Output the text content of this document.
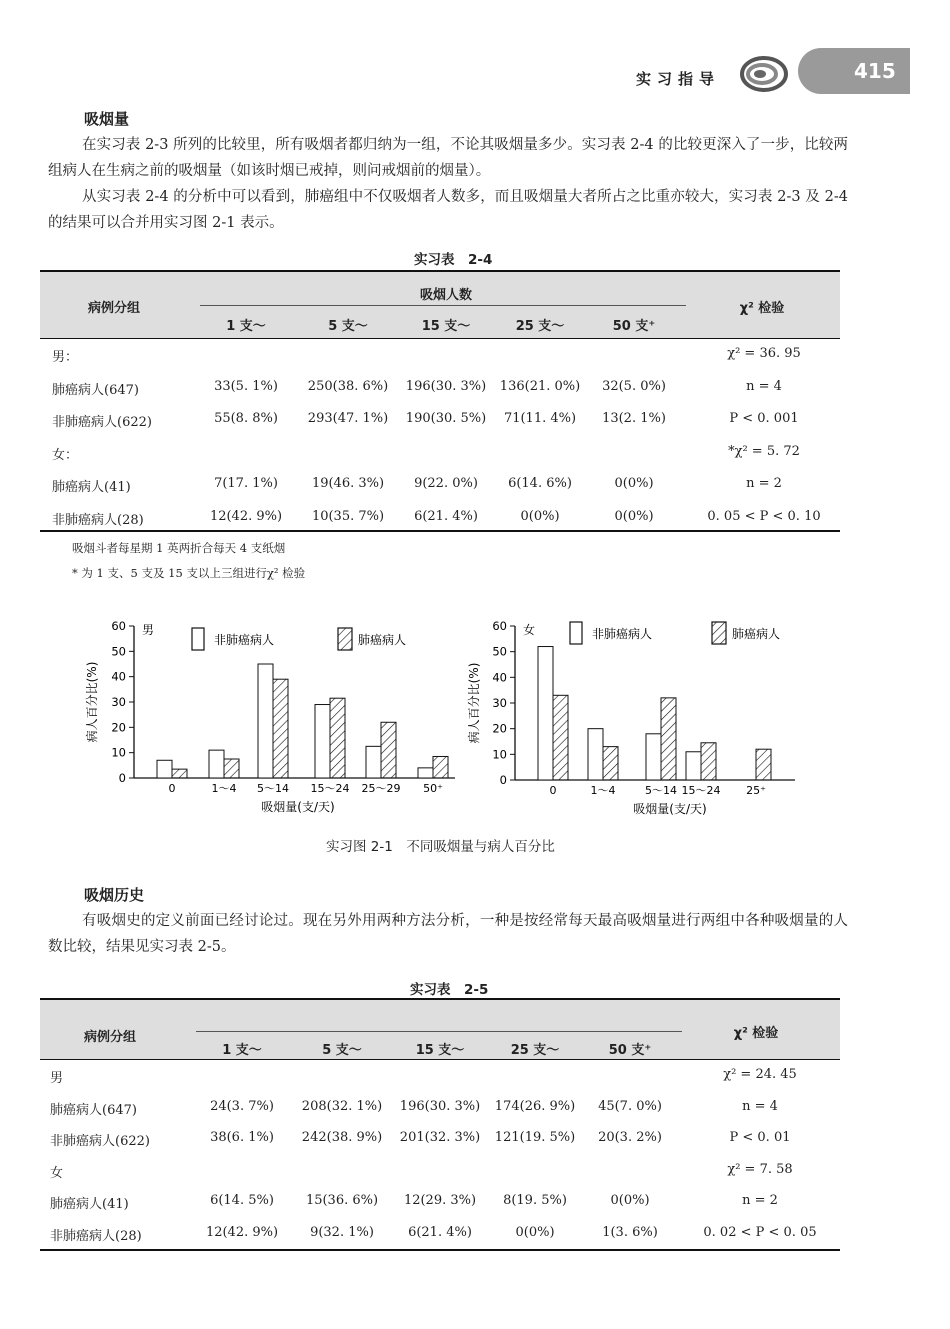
实习指导	415
吸烟量
在实习表 2-3 所列的比较里，所有吸烟者都归纳为一组，不论其吸烟量多少。实习表 2-4 的比较更深入了一步，比较两组病人在生病之前的吸烟量（如该时烟已戒掉，则问戒烟前的烟量）。
从实习表 2-4 的分析中可以看到，肺癌组中不仅吸烟者人数多，而且吸烟量大者所占之比重亦较大，实习表 2-3 及 2-4 的结果可以合并用实习图 2-1 表示。
实习表　2-4
病例分组
吸烟人数
χ² 检验
1 支～	5 支～	15 支～	25 支～	50 支⁺
男：	χ² = 36. 95
肺癌病人(647)	33(5. 1%) 250(38. 6%) 196(30. 3%) 136(21. 0%) 32(5. 0%)	n = 4
非肺癌病人(622)	55(8. 8%) 293(47. 1%) 190(30. 5%) 71(11. 4%) 13(2. 1%)	P < 0. 001
女：	*χ² = 5. 72
肺癌病人(41)	7(17. 1%)	19(46. 3%) 9(22. 0%) 6(14. 6%)	0(0%)	n = 2
非肺癌病人(28)	12(42. 9%) 10(35. 7%) 6(21. 4%)	0(0%)	0(0%)	0. 05 < P < 0. 10
吸烟斗者每星期 1 英两折合每天 4 支纸烟
* 为 1 支、5 支及 15 支以上三组进行χ² 检验
0
10
20
30
40
50
60 男
病人百分比(%)
吸烟量(支/天)
0	1～4 5～14 15～24 25～29 50⁺
非肺癌病人	肺癌病人
0
10
20
30
40
50
60 女
病人百分比(%)
吸烟量(支/天)
0	1～4	5～14 15～24 25⁺
非肺癌病人	肺癌病人
实习图 2-1　不同吸烟量与病人百分比
吸烟历史
有吸烟史的定义前面已经讨论过。现在另外用两种方法分析，一种是按经常每天最高吸烟量进行两组中各种吸烟量的人数比较，结果见实习表 2-5。
实习表　2-5
病例分组	χ² 检验
1 支～	5 支～	15 支～	25 支～	50 支⁺
男	χ² = 24. 45
肺癌病人(647)	24(3. 7%) 208(32. 1%) 196(30. 3%) 174(26. 9%) 45(7. 0%)	n = 4
非肺癌病人(622)	38(6. 1%) 242(38. 9%) 201(32. 3%) 121(19. 5%) 20(3. 2%)	P < 0. 01
女	χ² = 7. 58
肺癌病人(41)	6(14. 5%) 15(36. 6%) 12(29. 3%) 8(19. 5%)	0(0%)	n = 2
非肺癌病人(28)	12(42. 9%) 9(32. 1%)	6(21. 4%)	0(0%)	1(3. 6%)	0. 02 < P < 0. 05
